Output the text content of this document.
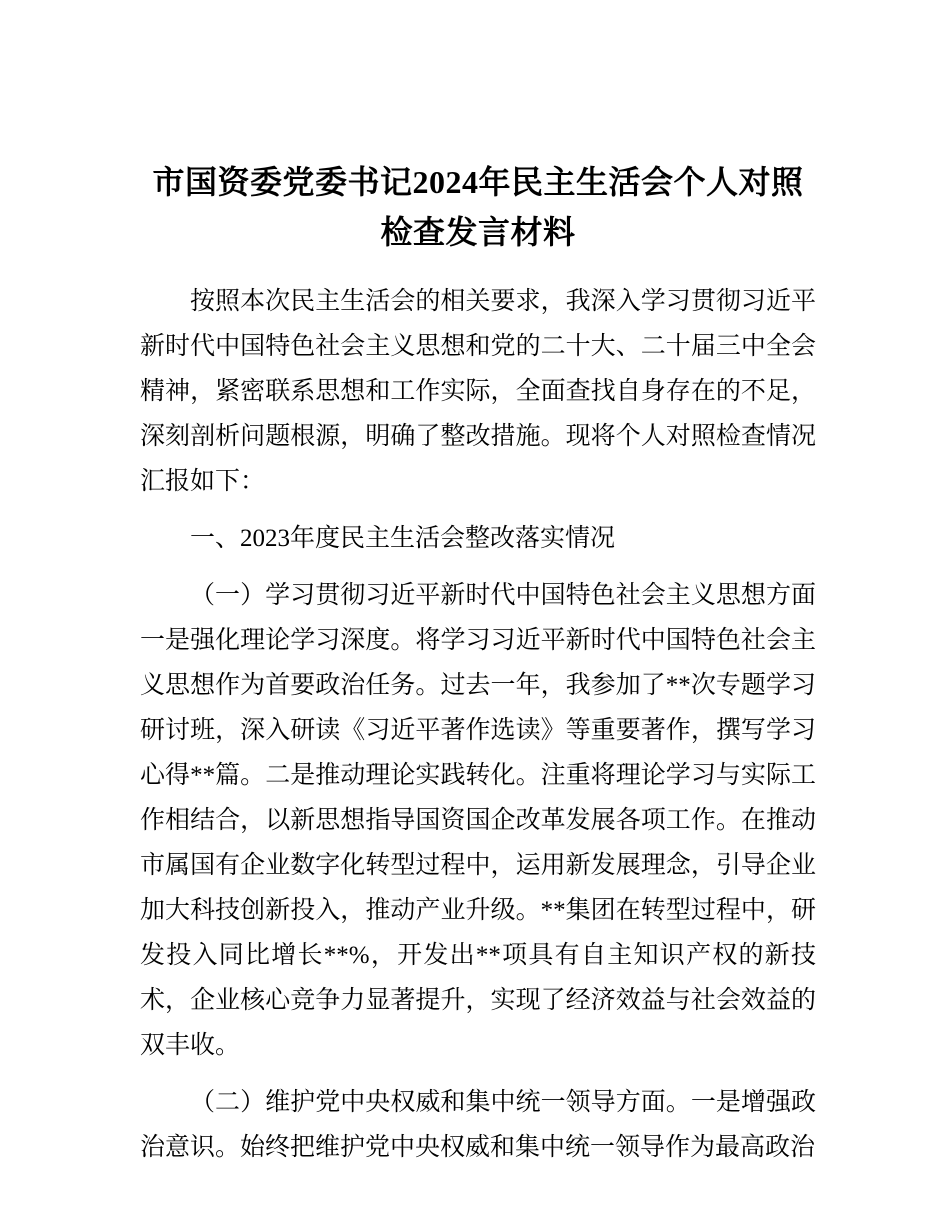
市国资委党委书记2024年民主生活会个人对照检查发言材料

按照本次民主生活会的相关要求，我深入学习贯彻习近平新时代中国特色社会主义思想和党的二十大、二十届三中全会精神，紧密联系思想和工作实际，全面查找自身存在的不足，深刻剖析问题根源，明确了整改措施。现将个人对照检查情况汇报如下：

一、2023年度民主生活会整改落实情况

（一）学习贯彻习近平新时代中国特色社会主义思想方面一是强化理论学习深度。将学习习近平新时代中国特色社会主义思想作为首要政治任务。过去一年，我参加了**次专题学习研讨班，深入研读《习近平著作选读》等重要著作，撰写学习心得**篇。二是推动理论实践转化。注重将理论学习与实际工作相结合，以新思想指导国资国企改革发展各项工作。在推动市属国有企业数字化转型过程中，运用新发展理念，引导企业加大科技创新投入，推动产业升级。**集团在转型过程中，研发投入同比增长**%，开发出**项具有自主知识产权的新技术，企业核心竞争力显著提升，实现了经济效益与社会效益的双丰收。

（二）维护党中央权威和集中统一领导方面。一是增强政治意识。始终把维护党中央权威和集中统一领导作为最高政治
